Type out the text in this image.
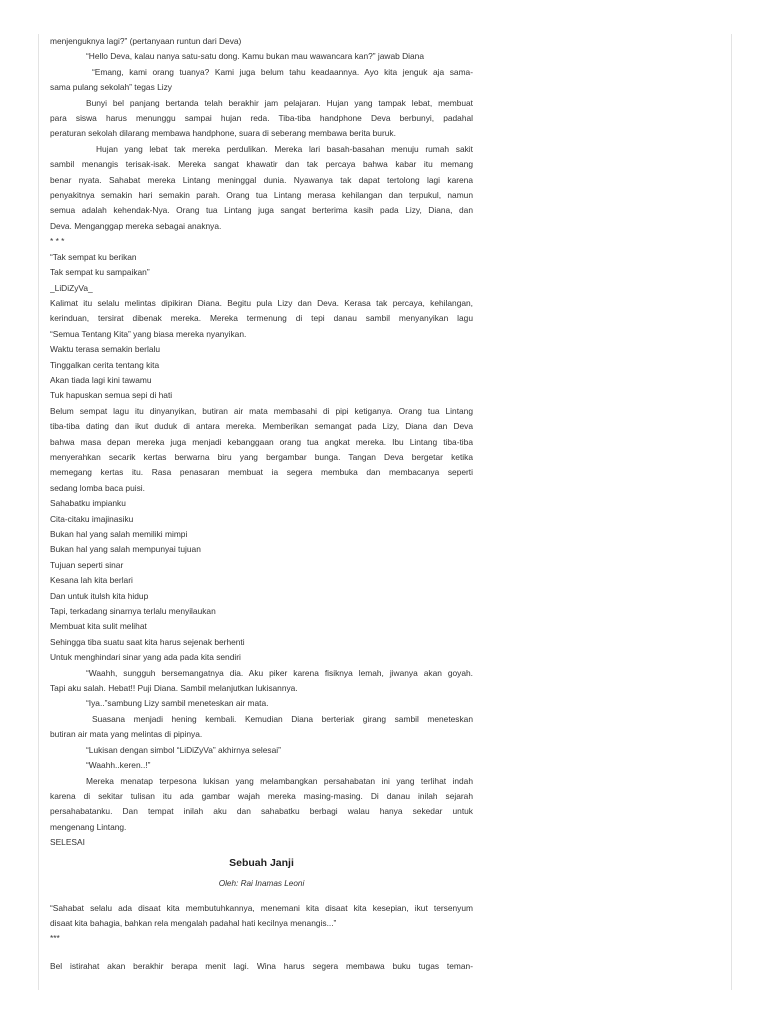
menjenguknya lagi?” (pertanyaan runtun dari Deva)
“Hello Deva, kalau nanya satu-satu dong. Kamu bukan mau wawancara kan?” jawab Diana
“Emang, kami orang tuanya? Kami juga belum tahu keadaannya. Ayo kita jenguk aja sama-
sama pulang sekolah” tegas Lizy
Bunyi bel panjang bertanda telah berakhir jam pelajaran. Hujan yang tampak lebat, membuat
para siswa harus menunggu sampai hujan reda. Tiba-tiba handphone Deva berbunyi, padahal
peraturan sekolah dilarang membawa handphone, suara di seberang membawa berita buruk.
Hujan yang lebat tak mereka perdulikan. Mereka lari basah-basahan menuju rumah sakit
sambil menangis terisak-isak. Mereka sangat khawatir dan tak percaya bahwa kabar itu memang
benar nyata. Sahabat mereka Lintang meninggal dunia. Nyawanya tak dapat tertolong lagi karena
penyakitnya semakin hari semakin parah. Orang tua Lintang merasa kehilangan dan terpukul, namun
semua adalah kehendak-Nya. Orang tua Lintang juga sangat berterima kasih pada Lizy, Diana, dan
Deva. Menganggap mereka sebagai anaknya.
* * *
“Tak sempat ku berikan
Tak sempat ku sampaikan”
_LiDiZyVa_
Kalimat itu selalu melintas dipikiran Diana. Begitu pula Lizy dan Deva. Kerasa tak percaya, kehilangan,
kerinduan, tersirat dibenak mereka. Mereka termenung di tepi danau sambil menyanyikan lagu
“Semua Tentang Kita” yang biasa mereka nyanyikan.
Waktu terasa semakin berlalu
Tinggalkan cerita tentang kita
Akan tiada lagi kini tawamu
Tuk hapuskan semua sepi di hati
Belum sempat lagu itu dinyanyikan, butiran air mata membasahi di pipi ketiganya. Orang tua Lintang
tiba-tiba dating dan ikut duduk di antara mereka. Memberikan semangat pada Lizy, Diana dan Deva
bahwa masa depan mereka juga menjadi kebanggaan orang tua angkat mereka. Ibu Lintang tiba-tiba
menyerahkan secarik kertas berwarna biru yang bergambar bunga. Tangan Deva bergetar ketika
memegang kertas itu. Rasa penasaran membuat ia segera membuka dan membacanya seperti
sedang lomba baca puisi.
Sahabatku impianku
Cita-citaku imajinasiku
Bukan hal yang salah memiliki mimpi
Bukan hal yang salah mempunyai tujuan
Tujuan seperti sinar
Kesana lah kita berlari
Dan untuk itulsh kita hidup
Tapi, terkadang sinarnya terlalu menyilaukan
Membuat kita sulit melihat
Sehingga tiba suatu saat kita harus sejenak berhenti
Untuk menghindari sinar yang ada pada kita sendiri
“Waahh, sungguh bersemangatnya dia. Aku piker karena fisiknya lemah, jiwanya akan goyah.
Tapi aku salah. Hebat!! Puji Diana. Sambil melanjutkan lukisannya.
“Iya..”sambung Lizy sambil meneteskan air mata.
Suasana menjadi hening kembali. Kemudian Diana berteriak girang sambil meneteskan
butiran air mata yang melintas di pipinya.
“Lukisan dengan simbol “LiDiZyVa” akhirnya selesai”
“Waahh..keren..!”
Mereka menatap terpesona lukisan yang melambangkan persahabatan ini yang terlihat indah
karena di sekitar tulisan itu ada gambar wajah mereka masing-masing. Di danau inilah sejarah
persahabatanku. Dan tempat inilah aku dan sahabatku berbagi walau hanya sekedar untuk
mengenang Lintang.
SELESAI
Sebuah Janji
Oleh: Rai Inamas Leoni
“Sahabat selalu ada disaat kita membutuhkannya, menemani kita disaat kita kesepian, ikut tersenyum
disaat kita bahagia, bahkan rela mengalah padahal hati kecilnya menangis...”
***
Bel istirahat akan berakhir berapa menit lagi. Wina harus segera membawa buku tugas teman-
